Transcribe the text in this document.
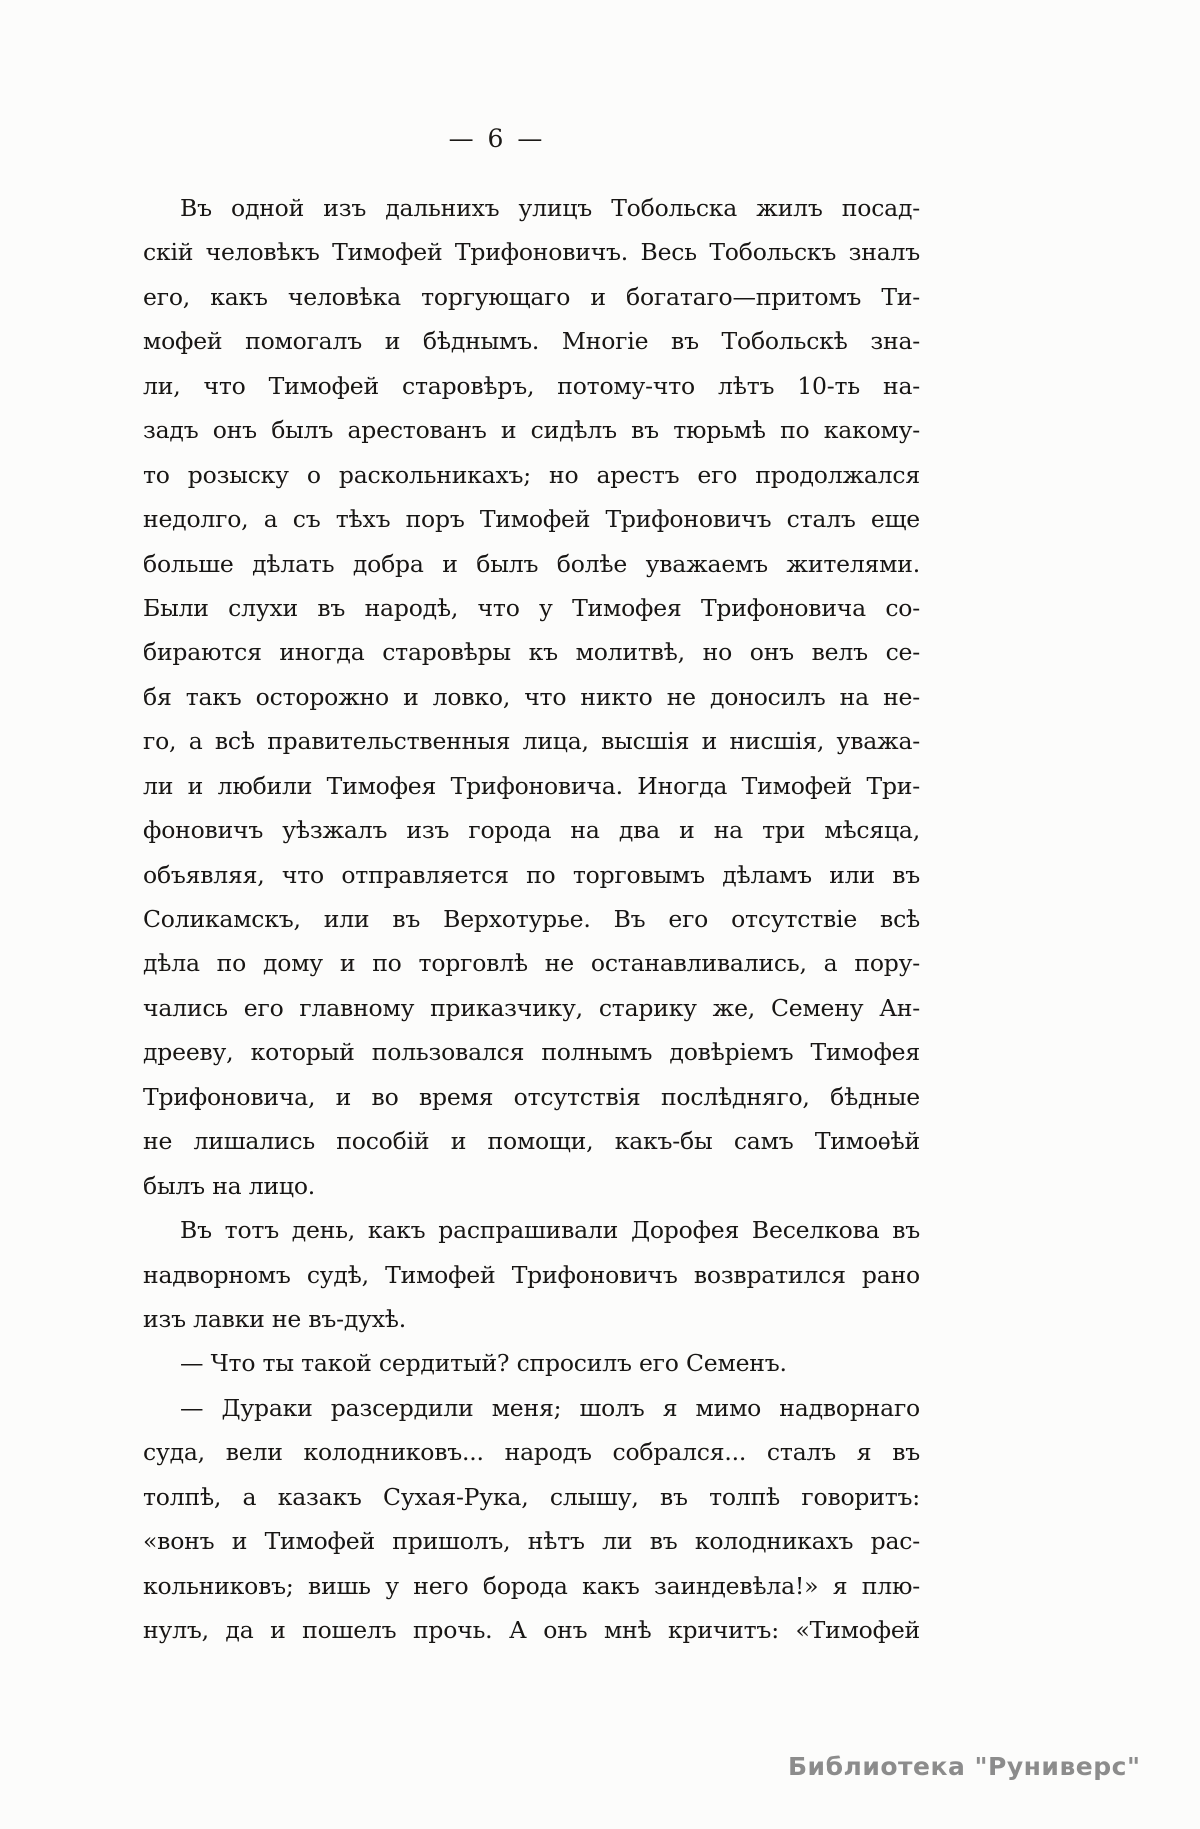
— 6 —
Въ одной изъ дальнихъ улицъ Тобольска жилъ посад-
скій человѣкъ Тимофей Трифоновичъ. Весь Тобольскъ зналъ
его, какъ человѣка торгующаго и богатаго—притомъ Ти-
мофей помогалъ и бѣднымъ. Многіе въ Тобольскѣ зна-
ли, что Тимофей старовѣръ, потому-что лѣтъ 10-ть на-
задъ онъ былъ арестованъ и сидѣлъ въ тюрьмѣ по какому-
то розыску о раскольникахъ; но арестъ его продолжался
недолго, а съ тѣхъ поръ Тимофей Трифоновичъ сталъ еще
больше дѣлать добра и былъ болѣе уважаемъ жителями.
Были слухи въ народѣ, что у Тимофея Трифоновича со-
бираются иногда старовѣры къ молитвѣ, но онъ велъ се-
бя такъ осторожно и ловко, что никто не доносилъ на не-
го, а всѣ правительственныя лица, высшія и нисшія, уважа-
ли и любили Тимофея Трифоновича. Иногда Тимофей Три-
фоновичъ уѣзжалъ изъ города на два и на три мѣсяца,
объявляя, что отправляется по торговымъ дѣламъ или въ
Соликамскъ, или въ Верхотурье. Въ его отсутствіе всѣ
дѣла по дому и по торговлѣ не останавливались, а пору-
чались его главному приказчику, старику же, Семену Ан-
дрееву, который пользовался полнымъ довѣріемъ Тимофея
Трифоновича, и во время отсутствія послѣдняго, бѣдные
не лишались пособій и помощи, какъ-бы самъ Тимоѳѣй
былъ на лицо.
Въ тотъ день, какъ распрашивали Дорофея Веселкова въ
надворномъ судѣ, Тимофей Трифоновичъ возвратился рано
изъ лавки не въ-духѣ.
— Что ты такой сердитый? спросилъ его Семенъ.
— Дураки разсердили меня; шолъ я мимо надворнаго
суда, вели колодниковъ... народъ собрался... сталъ я въ
толпѣ, а казакъ Сухая-Рука, слышу, въ толпѣ говоритъ:
«вонъ и Тимофей пришолъ, нѣтъ ли въ колодникахъ рас-
кольниковъ; вишь у него борода какъ заиндевѣла!» я плю-
нулъ, да и пошелъ прочь. А онъ мнѣ кричитъ: «Тимофей
Библиотека "Руниверс"
